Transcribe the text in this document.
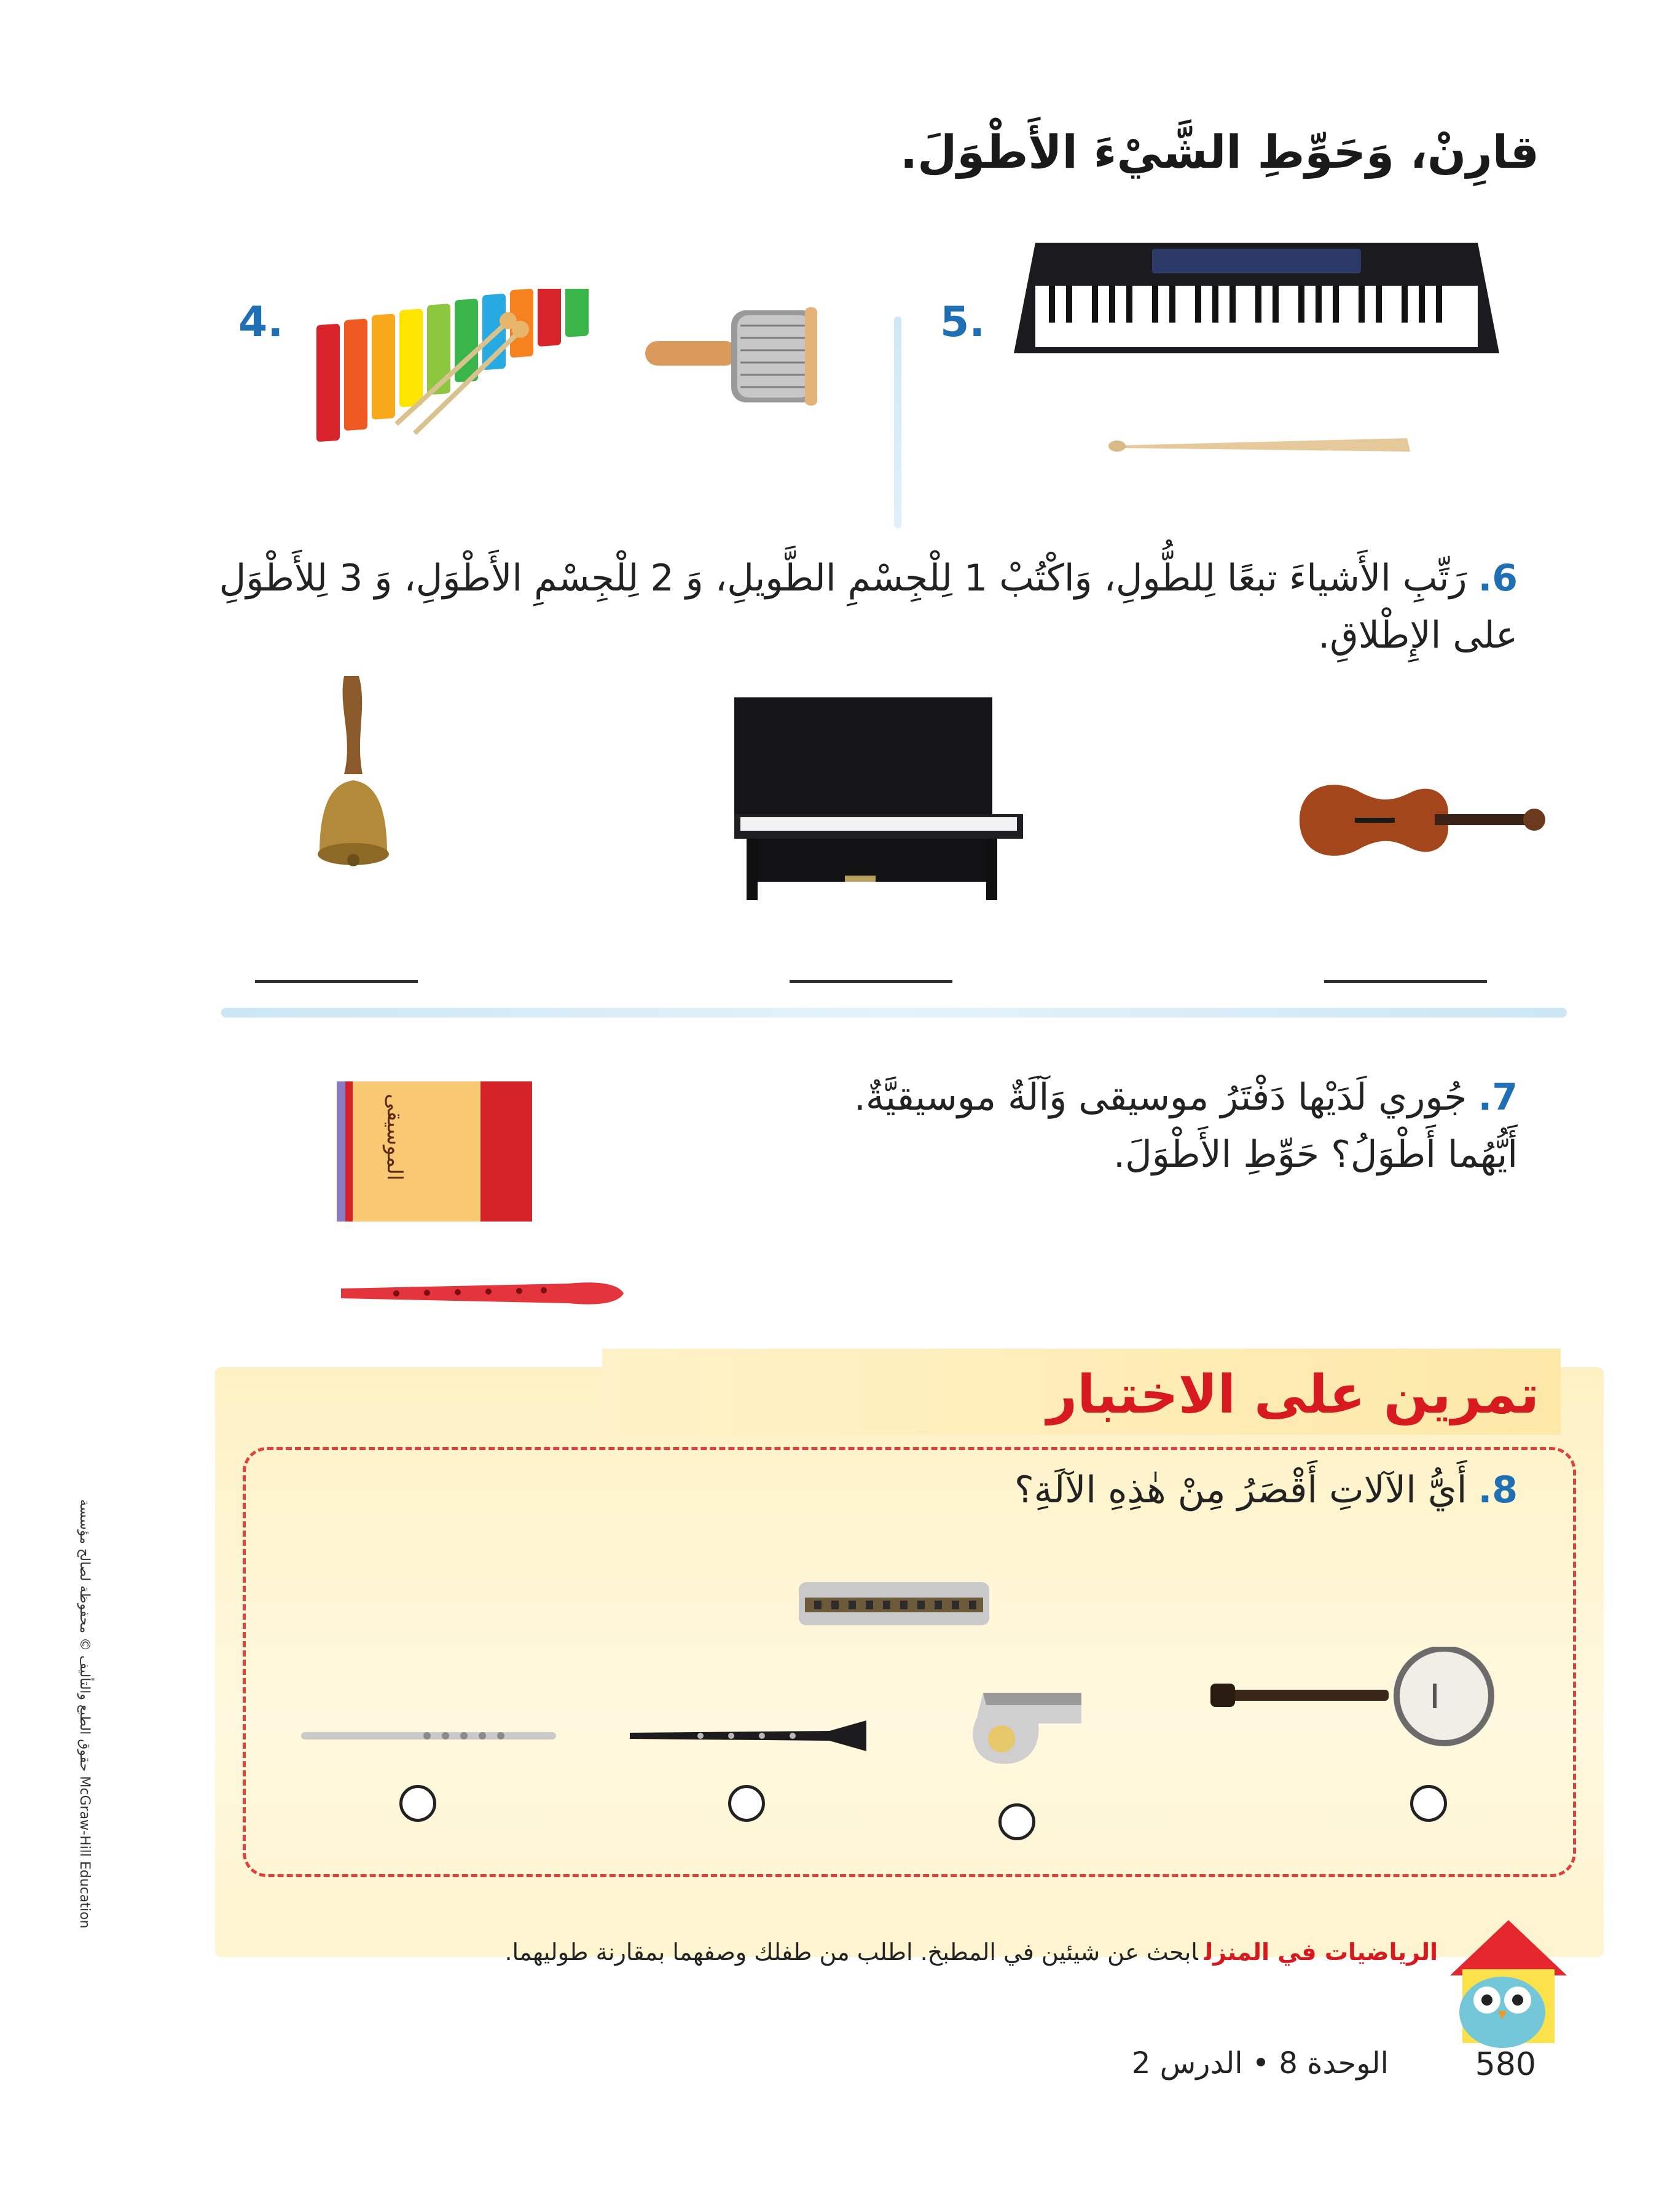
قارِنْ، وَحَوِّطِ الشَّيْءَ الأَطْوَلَ.
4.	5.
6.رَتِّبِ الأَشياءَ تبعًا لِلطُّولِ، وَاكْتُبْ 1 لِلْجِسْمِ الطَّويلِ، وَ 2 لِلْجِسْمِ الأَطْوَلِ، وَ 3 لِلأَطْوَلِ على الإِطْلاقِ.
7.جُوري لَدَيْها دَفْتَرُ موسيقى وَآلَةٌ موسيقيَّةٌ.
أَيُّهُما أَطْوَلُ؟ حَوِّطِ الأَطْوَلَ.
الموسيقى
تمرين على الاختبار
8.أَيُّ الآلاتِ أَقْصَرُ مِنْ هٰذِهِ الآلَةِ؟
الرياضيات في المنزلابحث عن شيئين في المطبخ. اطلب من طفلك وصفهما بمقارنة طوليهما.
الوحدة 8 • الدرس 2	580
حقوق الطبع والتأليف © محفوظة لصالح مؤسسة McGraw-Hill Education
